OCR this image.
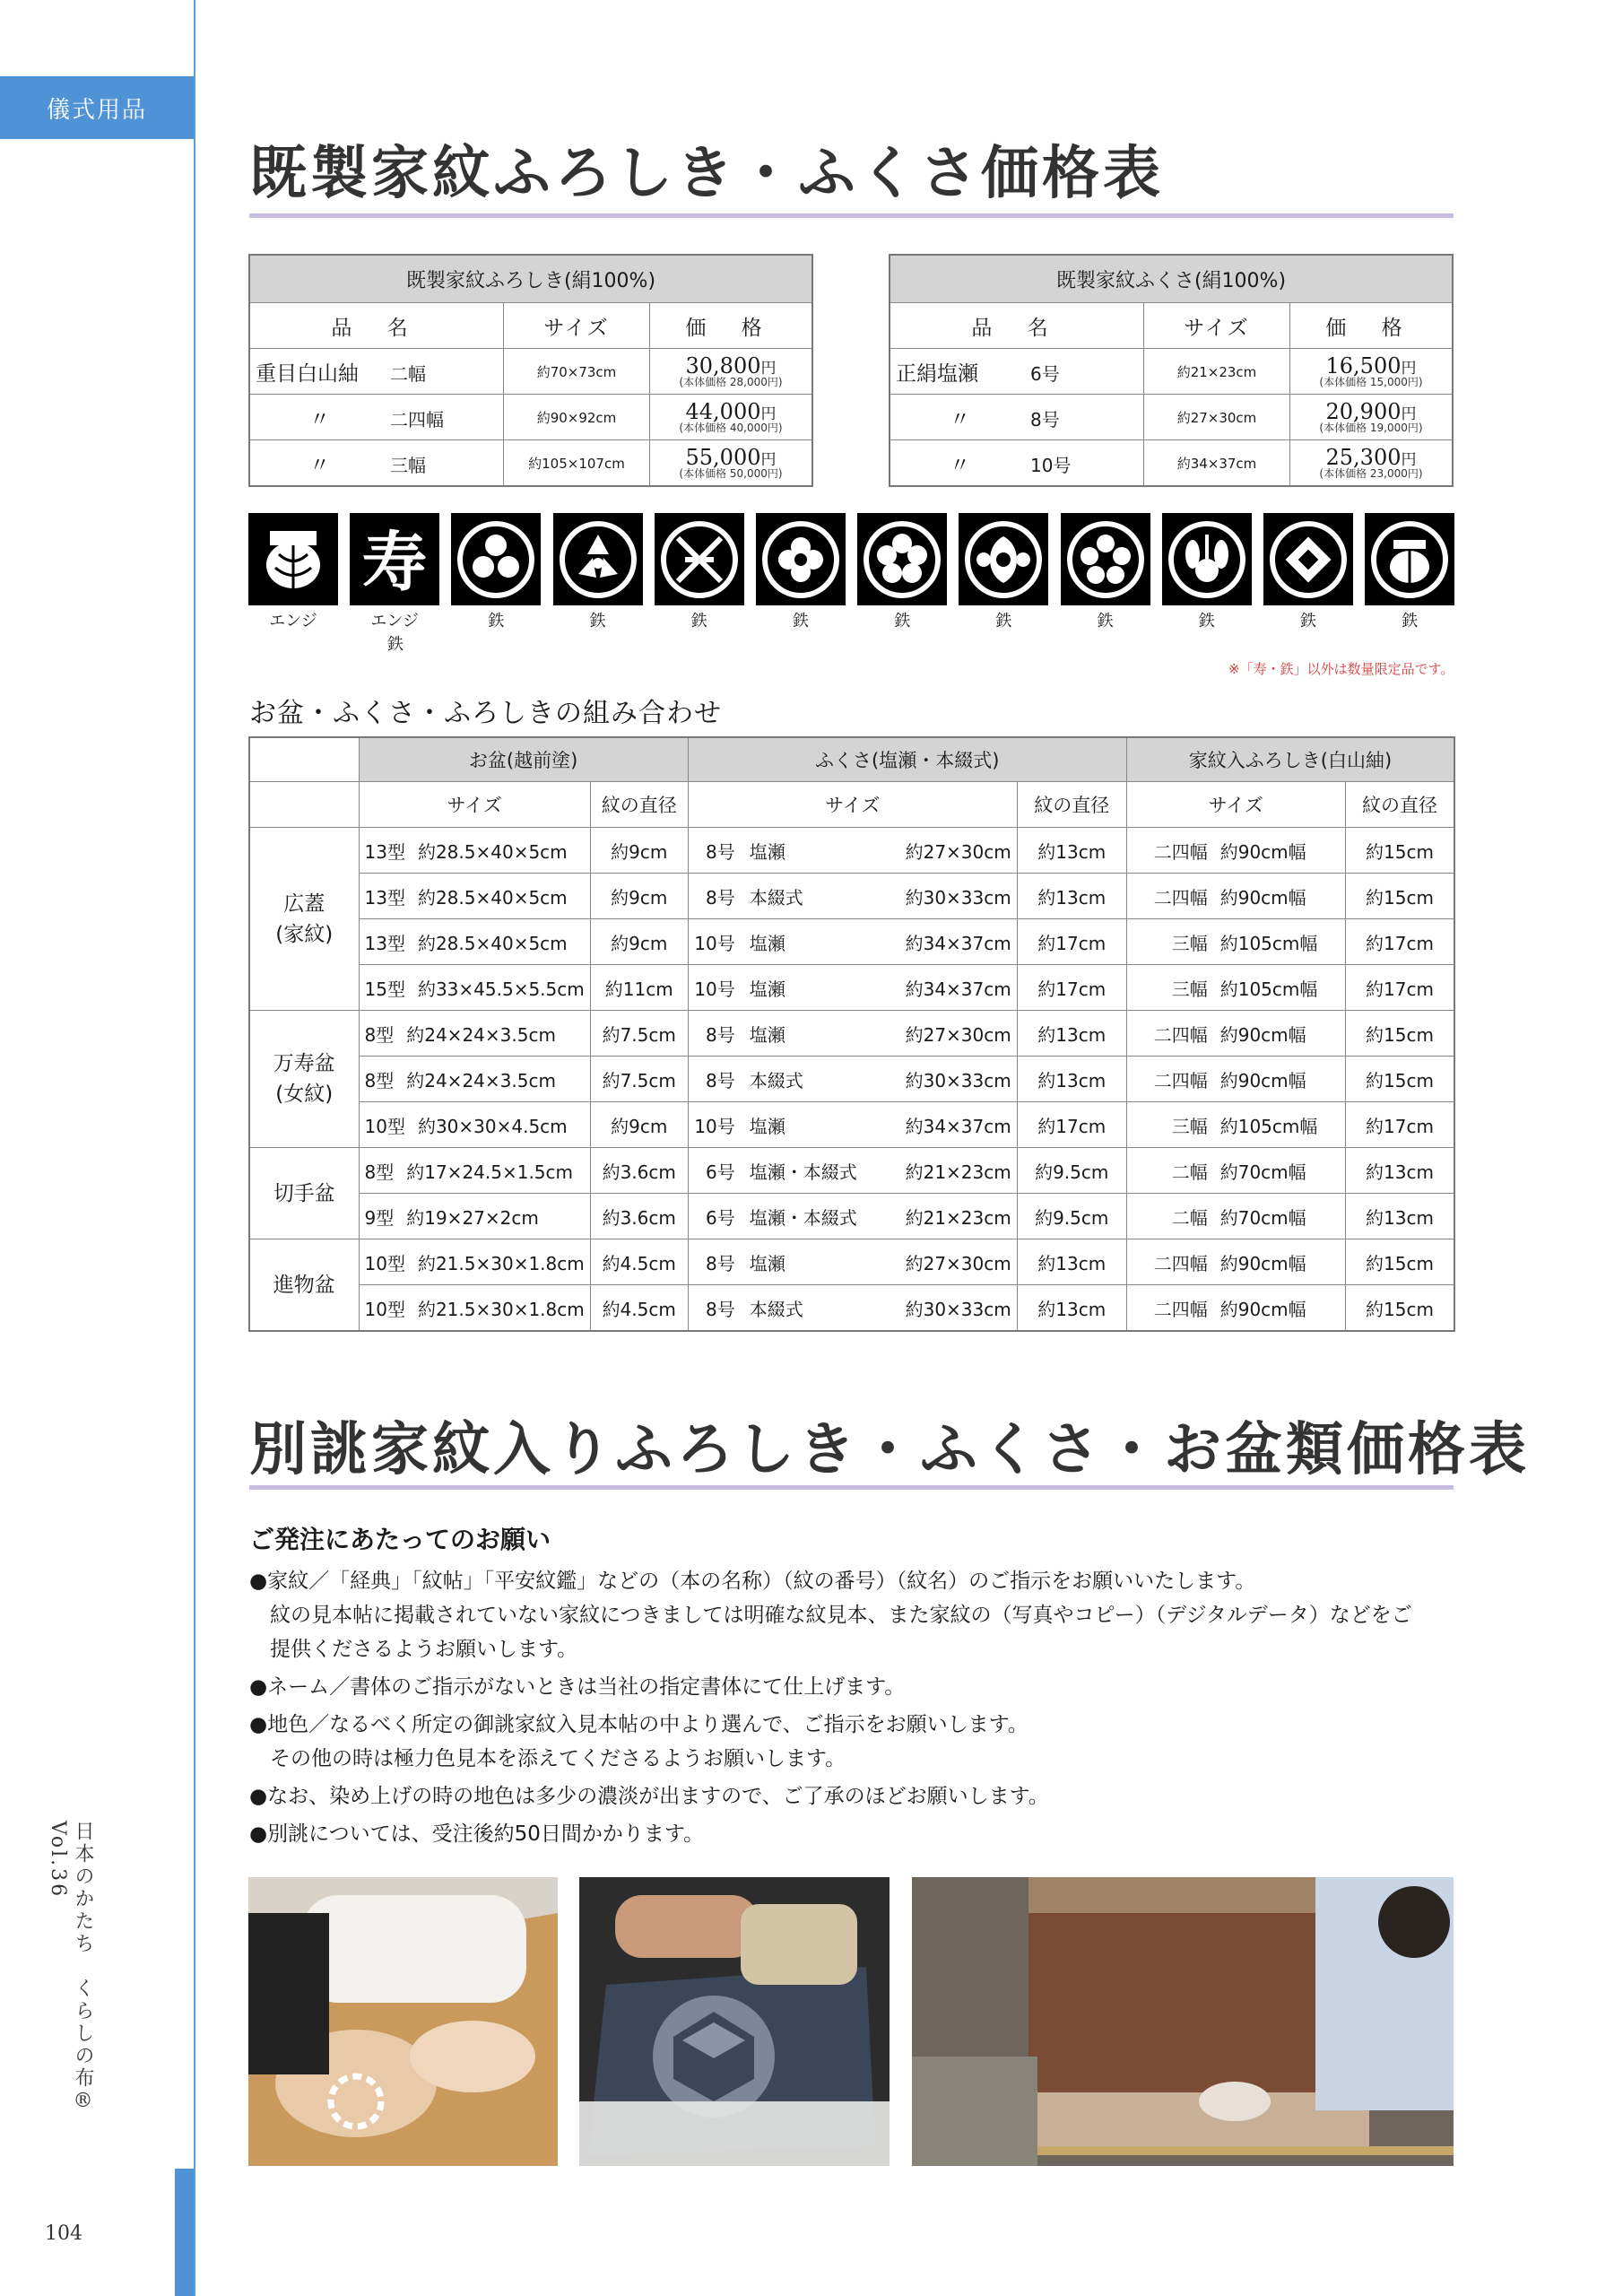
儀式用品
日本のかたち　くらしの布® Vol.36
104
既製家紋ふろしき・ふくさ価格表
既製家紋ふろしき(絹100%)		
品 名	サイズ	価 格
重目白山紬 二幅	約70×73cm	30,800円
(本体価格 28,000円)

〃 二四幅	約90×92cm	44,000円
(本体価格 40,000円)

〃 三幅	約105×107cm	55,000円
(本体価格 50,000円)
既製家紋ふくさ(絹100%)		
品 名	サイズ	価 格
正絹塩瀬 6号	約21×23cm	16,500円
(本体価格 15,000円)

〃 8号	約27×30cm	20,900円
(本体価格 19,000円)

〃 10号	約34×37cm	25,300円
(本体価格 23,000円)
寿
鉄
※「寿・鉄」以外は数量限定品です。
お盆・ふくさ・ふろしきの組み合わせ
	お盆(越前塗)		ふくさ(塩瀬・本綴式)		家紋入ふろしき(白山紬)	
	サイズ	紋の直径	サイズ	紋の直径	サイズ	紋の直径
広蓋
(家紋)	13型 約28.5×40×5cm	約9cm	8号 塩瀬 約27×30cm	約13cm	二四幅 約90cm幅	約15cm

	13型 約28.5×40×5cm	約9cm	8号 本綴式 約30×33cm	約13cm	二四幅 約90cm幅	約15cm

	13型 約28.5×40×5cm	約9cm	10号 塩瀬 約34×37cm	約17cm	三幅 約105cm幅	約17cm

	15型 約33×45.5×5.5cm	約11cm	10号 塩瀬 約34×37cm	約17cm	三幅 約105cm幅	約17cm
万寿盆
(女紋)	8型 約24×24×3.5cm	約7.5cm	8号 塩瀬 約27×30cm	約13cm	二四幅 約90cm幅	約15cm

	8型 約24×24×3.5cm	約7.5cm	8号 本綴式 約30×33cm	約13cm	二四幅 約90cm幅	約15cm

	10型 約30×30×4.5cm	約9cm	10号 塩瀬 約34×37cm	約17cm	三幅 約105cm幅	約17cm
切手盆	8型 約17×24.5×1.5cm	約3.6cm	6号 塩瀬・本綴式 約21×23cm	約9.5cm	二幅 約70cm幅	約13cm

	9型 約19×27×2cm	約3.6cm	6号 塩瀬・本綴式 約21×23cm	約9.5cm	二幅 約70cm幅	約13cm
進物盆	10型 約21.5×30×1.8cm	約4.5cm	8号 塩瀬 約27×30cm	約13cm	二四幅 約90cm幅	約15cm

	10型 約21.5×30×1.8cm	約4.5cm	8号 本綴式 約30×33cm	約13cm	二四幅 約90cm幅	約15cm
別誂家紋入りふろしき・ふくさ・お盆類価格表
ご発注にあたってのお願い
●家紋／「経典」「紋帖」「平安紋鑑」などの（本の名称）（紋の番号）（紋名）のご指示をお願いいたします。
　紋の見本帖に掲載されていない家紋につきましては明確な紋見本、また家紋の（写真やコピー）（デジタルデータ）などをご
　提供くださるようお願いします。
●ネーム／書体のご指示がないときは当社の指定書体にて仕上げます。
●地色／なるべく所定の御誂家紋入見本帖の中より選んで、ご指示をお願いします。
　その他の時は極力色見本を添えてくださるようお願いします。
●なお、染め上げの時の地色は多少の濃淡が出ますので、ご了承のほどお願いします。
●別誂については、受注後約50日間かかります。
エンジ	エンジ	鉄	鉄	鉄	鉄	鉄	鉄	鉄	鉄	鉄	鉄
